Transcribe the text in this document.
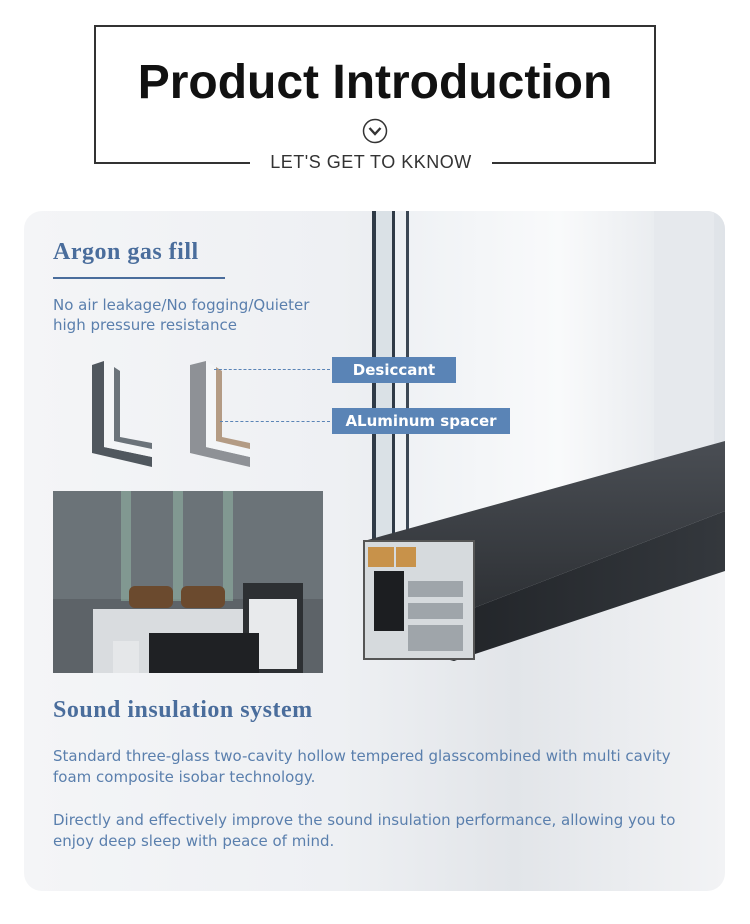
Product Introduction
LET'S GET TO KKNOW
Argon gas fill
No air leakage/No fogging/Quieter
high pressure resistance
Desiccant
ALuminum spacer
Sound insulation system
Standard three-glass two-cavity hollow tempered glasscombined with multi cavity
foam composite isobar technology.
Directly and effectively improve the sound insulation performance, allowing you to
enjoy deep sleep with peace of mind.
